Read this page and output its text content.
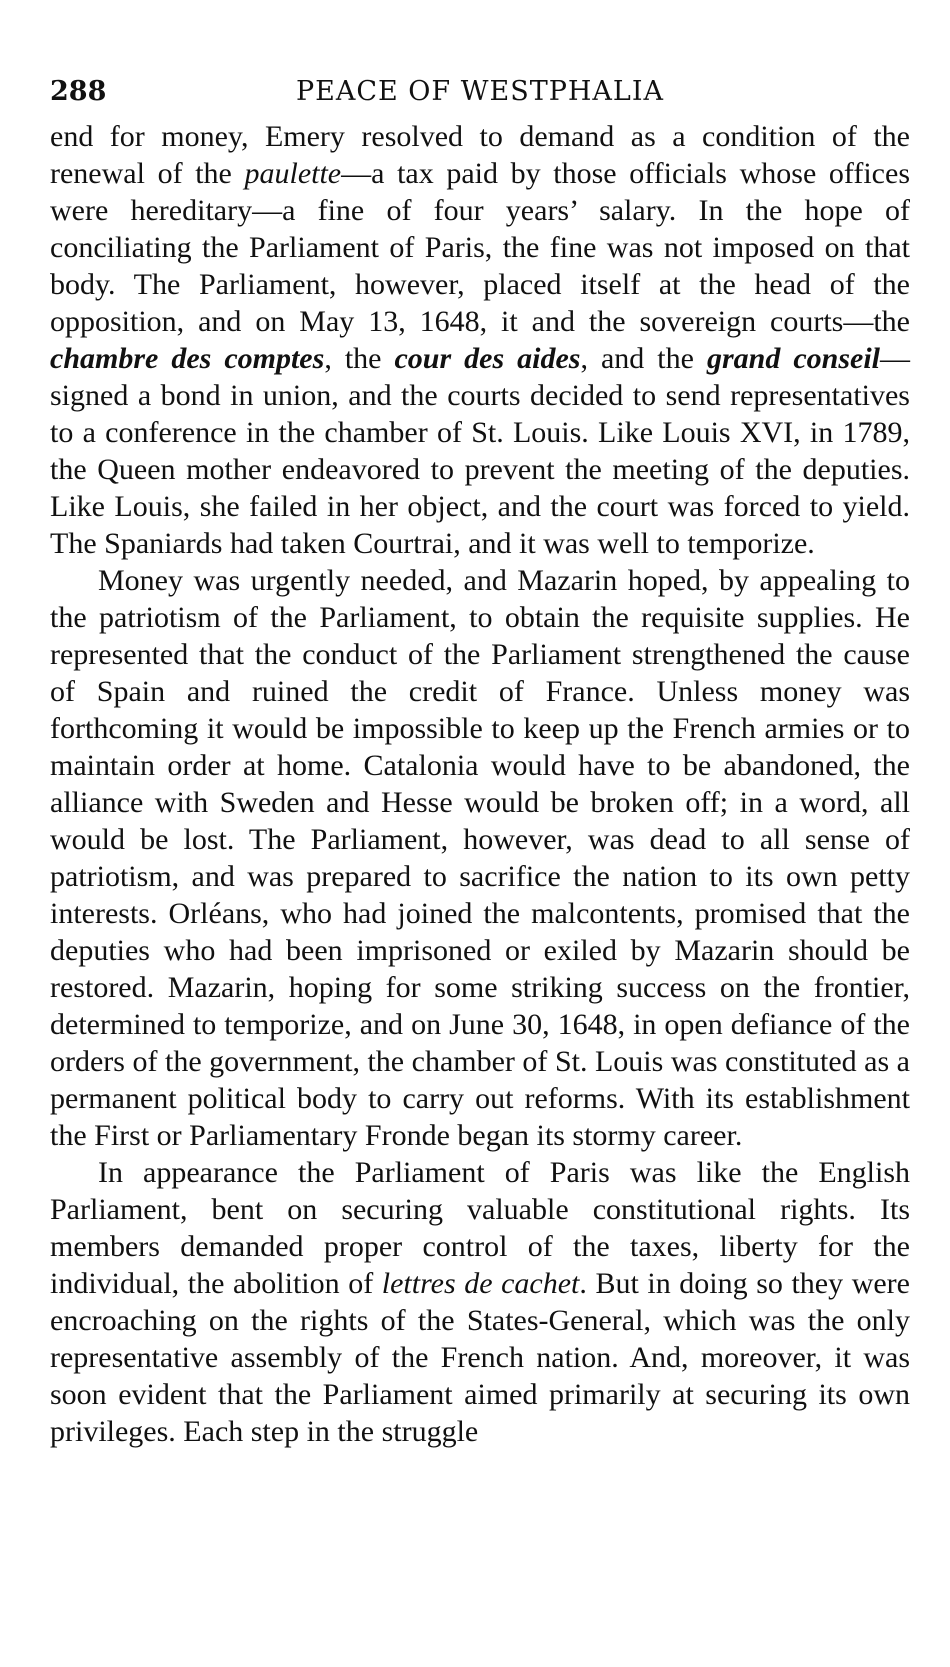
288	PEACE OF WESTPHALIA

end for money, Emery resolved to demand as a condition of the renewal of the paulette—a tax paid by those officials whose offices were hereditary—a fine of four years’ salary. In the hope of conciliating the Parliament of Paris, the fine was not imposed on that body. The Parliament, however, placed itself at the head of the opposition, and on May 13, 1648, it and the sovereign courts—the chambre des comptes, the cour des aides, and the grand conseil—signed a bond in union, and the courts decided to send representatives to a conference in the chamber of St. Louis. Like Louis XVI, in 1789, the Queen mother endeavored to prevent the meeting of the deputies. Like Louis, she failed in her object, and the court was forced to yield. The Spaniards had taken Courtrai, and it was well to temporize.

Money was urgently needed, and Mazarin hoped, by appealing to the patriotism of the Parliament, to obtain the requisite supplies. He represented that the conduct of the Parliament strengthened the cause of Spain and ruined the credit of France. Unless money was forthcoming it would be impossible to keep up the French armies or to maintain order at home. Catalonia would have to be abandoned, the alliance with Sweden and Hesse would be broken off; in a word, all would be lost. The Parliament, however, was dead to all sense of patriotism, and was prepared to sacrifice the nation to its own petty interests. Orléans, who had joined the malcontents, promised that the deputies who had been imprisoned or exiled by Mazarin should be restored. Mazarin, hoping for some striking success on the frontier, determined to temporize, and on June 30, 1648, in open defiance of the orders of the government, the chamber of St. Louis was constituted as a permanent political body to carry out reforms. With its establishment the First or Parliamentary Fronde began its stormy career.

In appearance the Parliament of Paris was like the English Parliament, bent on securing valuable constitutional rights. Its members demanded proper control of the taxes, liberty for the individual, the abolition of lettres de cachet. But in doing so they were encroaching on the rights of the States-General, which was the only representative assembly of the French nation. And, moreover, it was soon evident that the Parliament aimed primarily at securing its own privileges. Each step in the struggle
